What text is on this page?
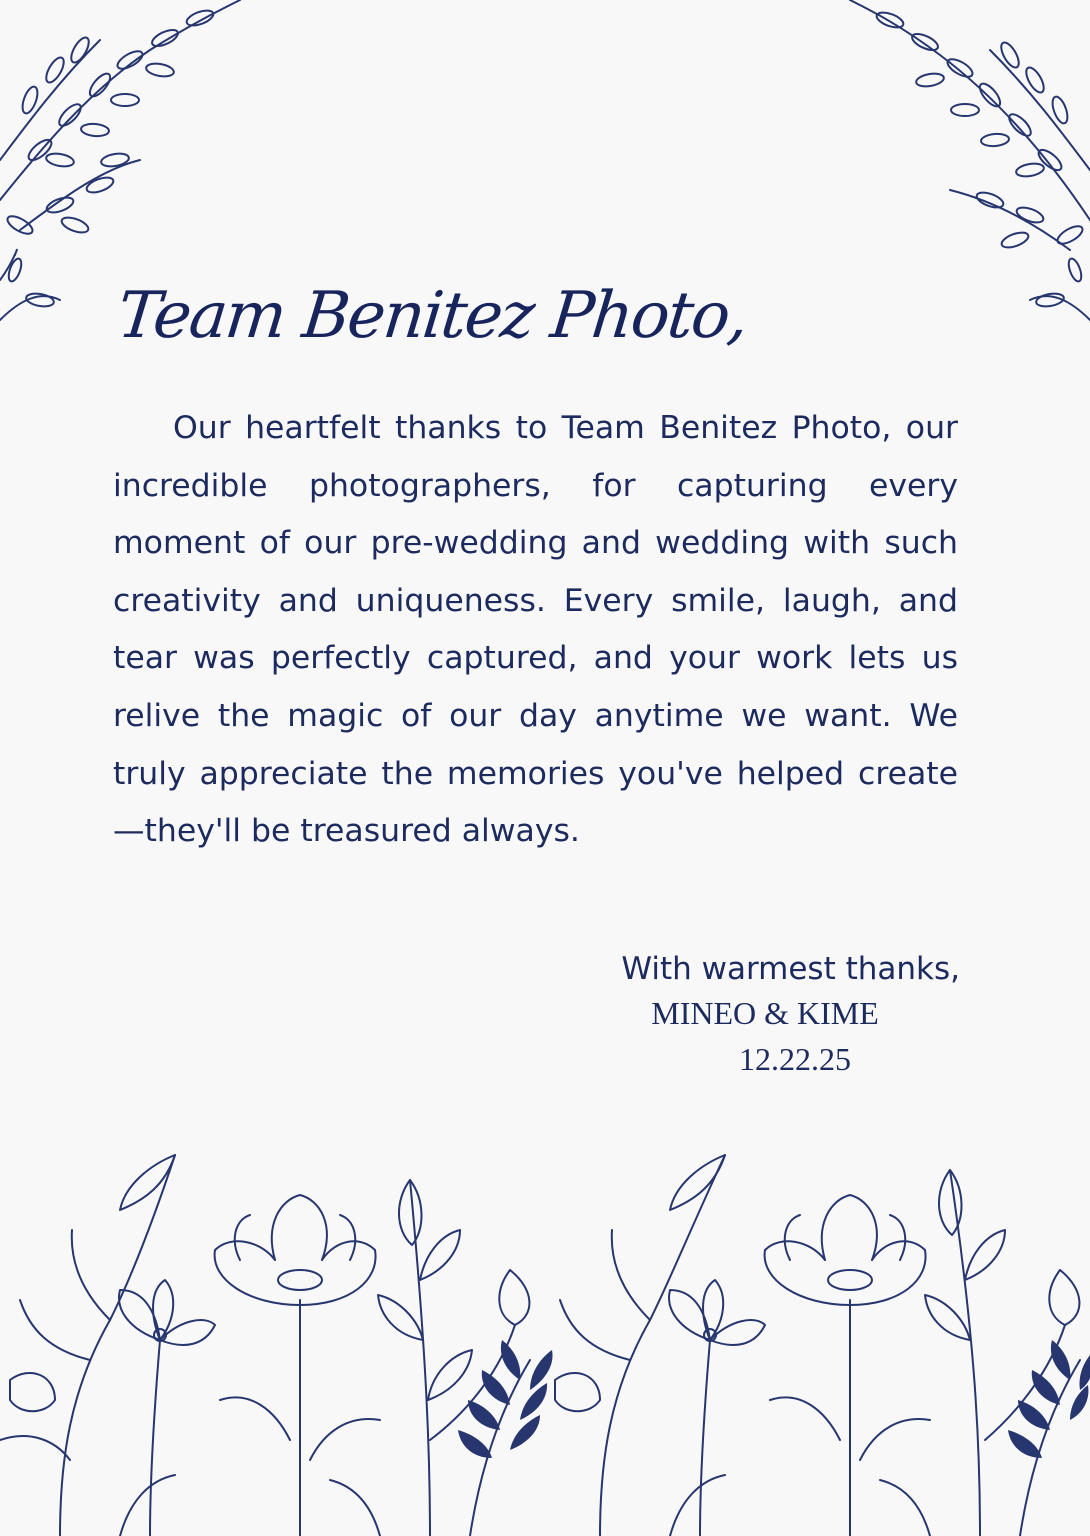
Team Benitez Photo,

Our heartfelt thanks to Team Benitez Photo, our incredible photographers, for capturing every moment of our pre-wedding and wedding with such creativity and uniqueness. Every smile, laugh, and tear was perfectly captured, and your work lets us relive the magic of our day anytime we want. We truly appreciate the memories you've helped create—they'll be treasured always.

With warmest thanks,
MINEO & KIME
12.22.25
